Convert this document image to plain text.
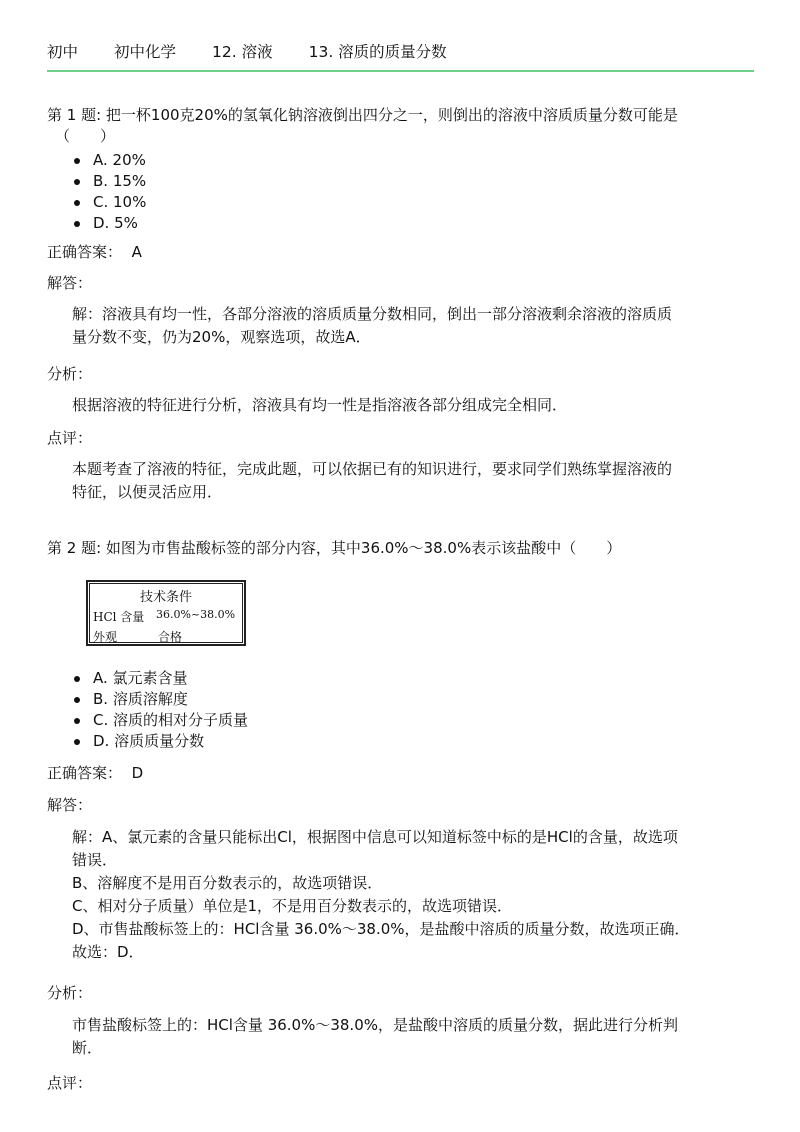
初中 初中化学 12. 溶液 13. 溶质的质量分数
第 1 题: 把一杯100克20%的氢氧化钠溶液倒出四分之一，则倒出的溶液中溶质质量分数可能是
（　　）
A. 20%
B. 15%
C. 10%
D. 5%
正确答案： A
解答：

解：溶液具有均一性，各部分溶液的溶质质量分数相同，倒出一部分溶液剩余溶液的溶质质

量分数不变，仍为20%，观察选项，故选A．

分析：

根据溶液的特征进行分析，溶液具有均一性是指溶液各部分组成完全相同．

点评：

本题考查了溶液的特征，完成此题，可以依据已有的知识进行，要求同学们熟练掌握溶液的

特征，以便灵活应用．

第 2 题: 如图为市售盐酸标签的部分内容，其中36.0%～38.0%表示该盐酸中（　　）
技术条件
HCl 含量 36.0%~38.0%
外观	合格
A. 氯元素含量
B. 溶质溶解度
C. 溶质的相对分子质量
D. 溶质质量分数
正确答案： D
解答：

解：A、氯元素的含量只能标出Cl，根据图中信息可以知道标签中标的是HCl的含量，故选项

错误．

B、溶解度不是用百分数表示的，故选项错误．

C、相对分子质量）单位是1，不是用百分数表示的，故选项错误．

D、市售盐酸标签上的：HCl含量 36.0%～38.0%，是盐酸中溶质的质量分数，故选项正确．

故选：D．

分析：

市售盐酸标签上的：HCl含量 36.0%～38.0%，是盐酸中溶质的质量分数，据此进行分析判

断．

点评：
